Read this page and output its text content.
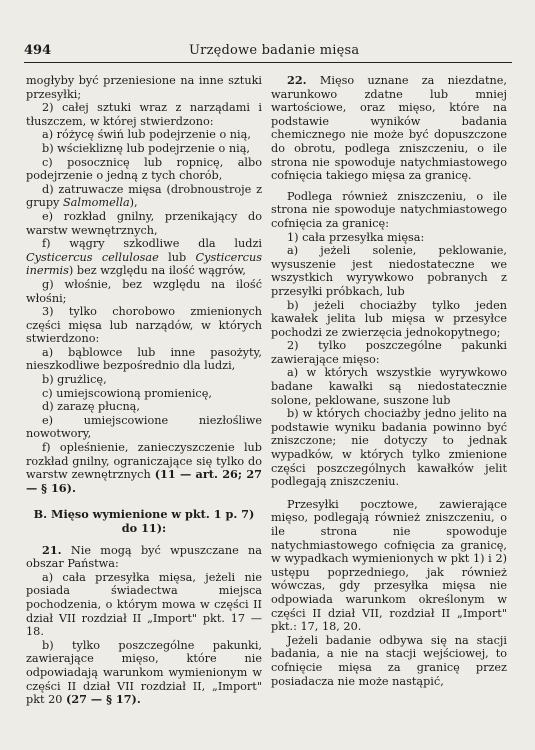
494	Urzędowe badanie mięsa

mogłyby być przeniesione na inne sztuki przesyłki;

2) całej sztuki wraz z narządami i tłuszczem, w której stwierdzono:

a) różycę świń lub podejrzenie o nią,

b) wściekliznę lub podejrzenie o nią,

c) posocznicę lub ropnicę, albo podejrzenie o jedną z tych chorób,

d) zatruwacze mięsa (drobnoustroje z grupy Salmomella),

e) rozkład gnilny, przenikający do warstw wewnętrznych,

f) wągry szkodliwe dla ludzi Cysticercus cellulosae lub Cysticercus inermis) bez względu na ilość wągrów,

g) włośnie, bez względu na ilość włośni;

3) tylko chorobowo zmienionych części mięsa lub narządów, w których stwierdzono:

a) bąblowce lub inne pasożyty, nieszkodliwe bezpośrednio dla ludzi,

b) grużlicę,

c) umiejscowioną promienicę,

d) zarazę płucną,

e) umiejscowione niezłośliwe nowotwory,

f) opleśnienie, zanieczyszczenie lub rozkład gnilny, ograniczające się tylko do warstw zewnętrznych (11 — art. 26; 27 — § 16).

B. Mięso wymienione w pkt. 1 p. 7) do 11):

21. Nie mogą być wpuszczane na obszar Państwa:

a) cała przesyłka mięsa, jeżeli nie posiada świadectwa miejsca pochodzenia, o którym mowa w części II dział VII rozdział II „Import" pkt. 17 — 18.

b) tylko poszczególne pakunki, zawierające mięso, które nie odpowiadają warunkom wymienionym w części II dział VII rozdział II, „Import" pkt 20 (27 — § 17).

22. Mięso uznane za niezdatne, warunkowo zdatne lub mniej wartościowe, oraz mięso, które na podstawie wyników badania chemicznego nie może być dopuszczone do obrotu, podlega zniszczeniu, o ile strona nie spowoduje natychmiastowego cofnięcia takiego mięsa za granicę.

Podlega również zniszczeniu, o ile strona nie spowoduje natychmiastowego cofnięcia za granicę:

1) cała przesyłka mięsa:

a) jeżeli solenie, peklowanie, wysuszenie jest niedostateczne we wszystkich wyrywkowo pobranych z przesyłki próbkach, lub

b) jeżeli chociażby tylko jeden kawałek jelita lub mięsa w przesyłce pochodzi ze zwierzęcia jednokopytnego;

2) tylko poszczególne pakunki zawierające mięso:

a) w których wszystkie wyrywkowo badane kawałki są niedostatecznie solone, peklowane, suszone lub

b) w których chociażby jedno jelito na podstawie wyniku badania powinno być zniszczone; nie dotyczy to jednak wypadków, w których tylko zmienione części poszczególnych kawałków jelit podlegają zniszczeniu.

Przesyłki pocztowe, zawierające mięso, podlegają również zniszczeniu, o ile strona nie spowoduje natychmiastowego cofnięcia za granicę, w wypadkach wymienionych w pkt 1) i 2) ustępu poprzedniego, jak również wówczas, gdy przesyłka mięsa nie odpowiada warunkom określonym w części II dział VII, rozdział II „Import" pkt.: 17, 18, 20.

Jeżeli badanie odbywa się na stacji badania, a nie na stacji wejściowej, to cofnięcie mięsa za granicę przez posiadacza nie może nastąpić,
